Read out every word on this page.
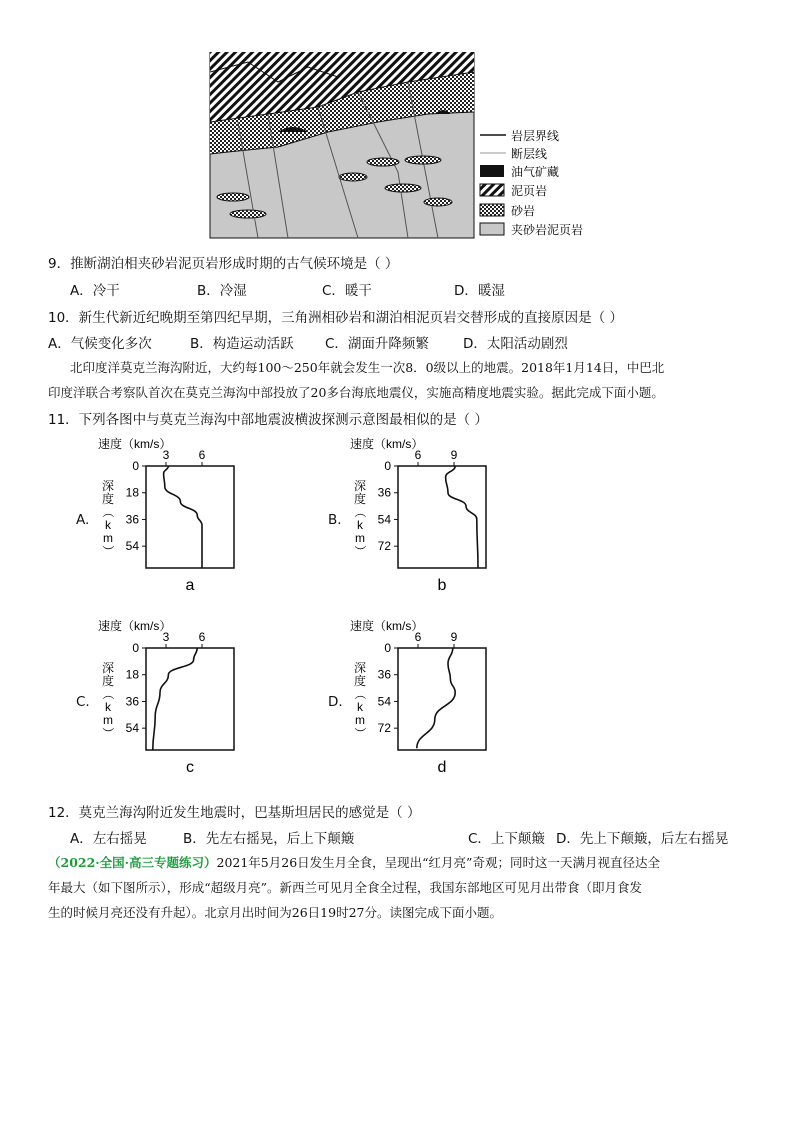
岩层界线
断层线
油气矿藏
泥页岩
砂岩
夹砂岩泥页岩
9．推断湖泊相夹砂岩泥页岩形成时期的古气候环境是（ ）
A．冷干	B．冷湿	C．暖干	D．暖湿
10．新生代新近纪晚期至第四纪早期，三角洲相砂岩和湖泊相泥页岩交替形成的直接原因是（ ）
A．气候变化多次	B．构造运动活跃 C．湖面升降频繁	D．太阳活动剧烈
北印度洋莫克兰海沟附近，大约每100～250年就会发生一次8．0级以上的地震。2018年1月14日，中巴北
印度洋联合考察队首次在莫克兰海沟中部投放了20多台海底地震仪，实施高精度地震实验。据此完成下面小题。
11．下列各图中与莫克兰海沟中部地震波横波探测示意图最相似的是（ ）
A.	B.
C.	D.
速度（km/s）
3 6
0
18
36
54
深
度
（
k
m
）
a
速度（km/s）
6 9
0
36
54
72
深
度
（
k
m
）
b
速度（km/s）
3 6
0
18
36
54
深
度
（
k
m
）
c
速度（km/s）
6 9
0
36
54
72
深
度
（
k
m
）
d
12．莫克兰海沟附近发生地震时，巴基斯坦居民的感觉是（ ）
A．左右摇晃	B．先左右摇晃，后上下颠簸	C．上下颠簸 D．先上下颠簸，后左右摇晃
（2022·全国·高三专题练习）2021年5月26日发生月全食，呈现出“红月亮”奇观；同时这一天满月视直径达全
年最大（如下图所示），形成“超级月亮”。新西兰可见月全食全过程，我国东部地区可见月出带食（即月食发
生的时候月亮还没有升起）。北京月出时间为26日19时27分。读图完成下面小题。
